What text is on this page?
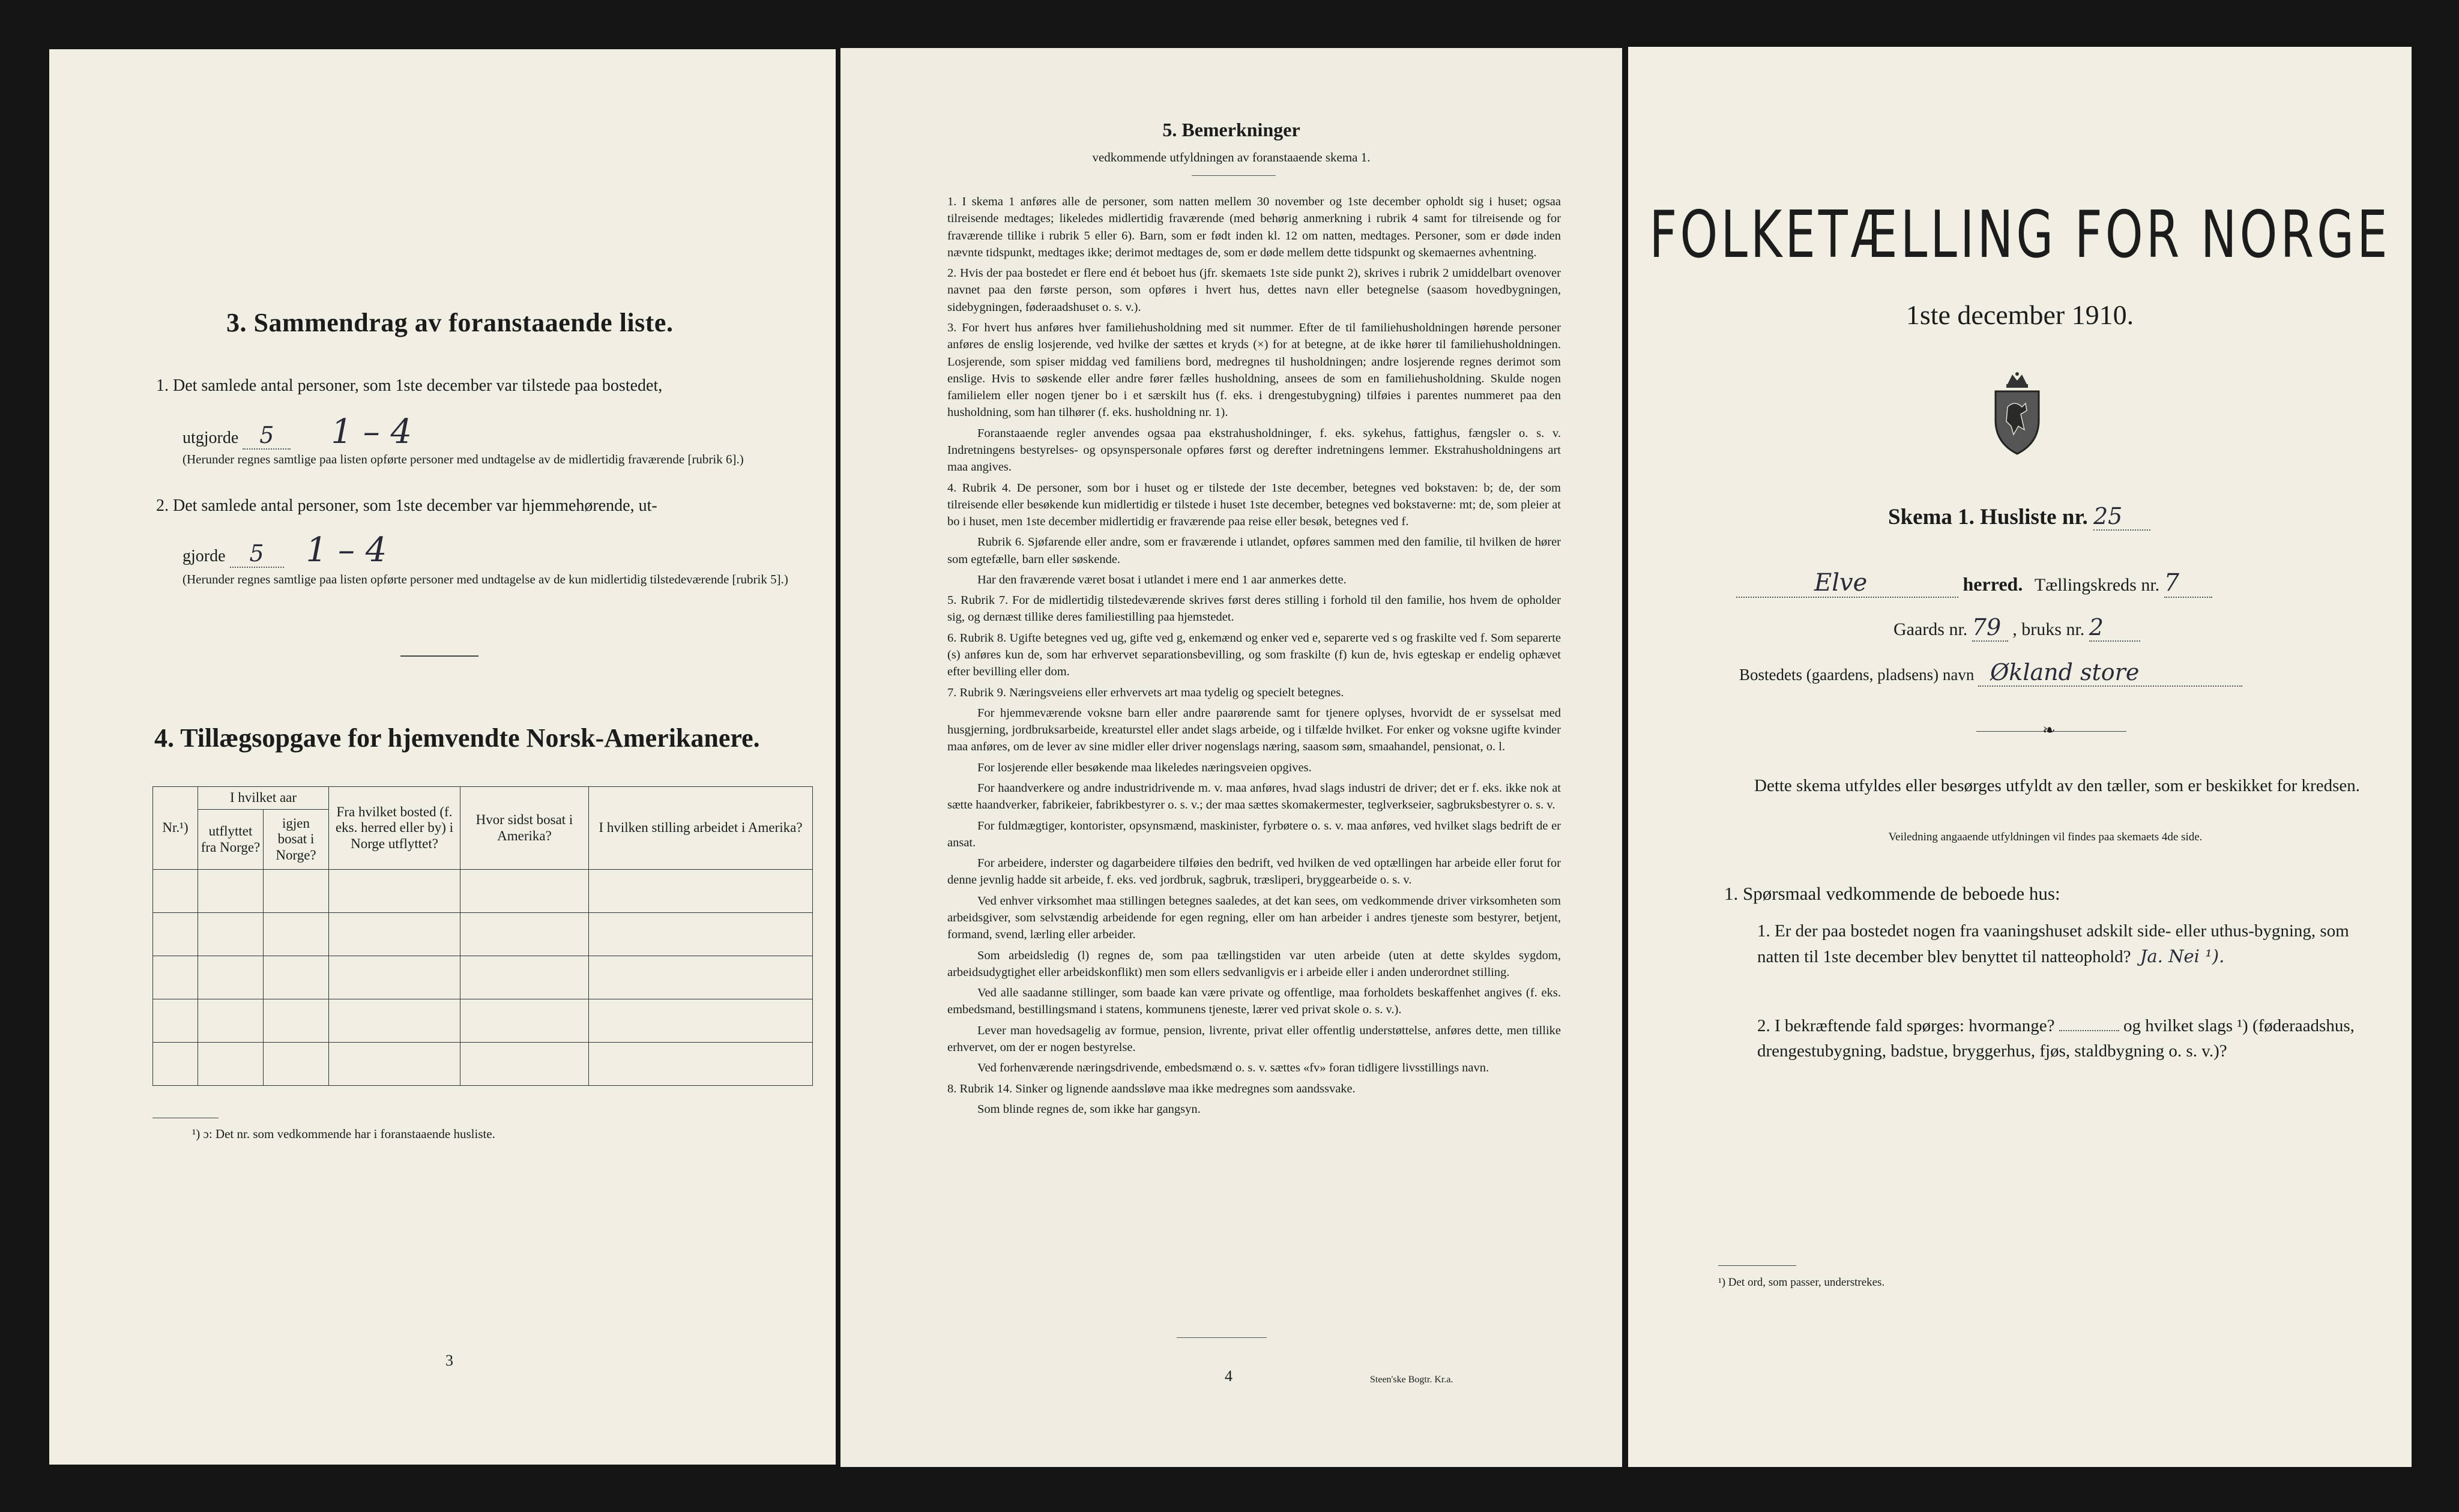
3. Sammendrag av foranstaaende liste.
1. Det samlede antal personer, som 1ste december var tilstede paa bostedet,
utgjorde 5 1 – 4
(Herunder regnes samtlige paa listen opførte personer med undtagelse av de midlertidig fraværende [rubrik 6].)
2. Det samlede antal personer, som 1ste december var hjemmehørende, ut-
gjorde 5 1 – 4
(Herunder regnes samtlige paa listen opførte personer med undtagelse av de kun midlertidig tilstedeværende [rubrik 5].)
4. Tillægsopgave for hjemvendte Norsk-Amerikanere.
Nr.¹)	I hvilket aar		Fra hvilket bosted (f. eks. herred eller by) i Norge utflyttet?	Hvor sidst bosat i Amerika?	I hvilken stilling arbeidet i Amerika?
	utflyttet fra Norge?	igjen bosat i Norge?			

¹) ɔ: Det nr. som vedkommende har i foranstaaende husliste.
3
5. Bemerkninger
vedkommende utfyldningen av foranstaaende skema 1.

1. I skema 1 anføres alle de personer, som natten mellem 30 november og 1ste december opholdt sig i huset; ogsaa tilreisende medtages; likeledes midlertidig fraværende (med behørig anmerkning i rubrik 4 samt for tilreisende og for fraværende tillike i rubrik 5 eller 6). Barn, som er født inden kl. 12 om natten, medtages. Personer, som er døde inden nævnte tidspunkt, medtages ikke; derimot medtages de, som er døde mellem dette tidspunkt og skemaernes avhentning.

2. Hvis der paa bostedet er flere end ét beboet hus (jfr. skemaets 1ste side punkt 2), skrives i rubrik 2 umiddelbart ovenover navnet paa den første person, som opføres i hvert hus, dettes navn eller betegnelse (saasom hovedbygningen, sidebygningen, føderaadshuset o. s. v.).

3. For hvert hus anføres hver familiehusholdning med sit nummer. Efter de til familiehusholdningen hørende personer anføres de enslig losjerende, ved hvilke der sættes et kryds (×) for at betegne, at de ikke hører til familiehusholdningen. Losjerende, som spiser middag ved familiens bord, medregnes til husholdningen; andre losjerende regnes derimot som enslige. Hvis to søskende eller andre fører fælles husholdning, ansees de som en familiehusholdning. Skulde nogen familielem eller nogen tjener bo i et særskilt hus (f. eks. i drengestubygning) tilføies i parentes nummeret paa den husholdning, som han tilhører (f. eks. husholdning nr. 1).

Foranstaaende regler anvendes ogsaa paa ekstrahusholdninger, f. eks. sykehus, fattighus, fængsler o. s. v. Indretningens bestyrelses- og opsynspersonale opføres først og derefter indretningens lemmer. Ekstrahusholdningens art maa angives.

4. Rubrik 4. De personer, som bor i huset og er tilstede der 1ste december, betegnes ved bokstaven: b; de, der som tilreisende eller besøkende kun midlertidig er tilstede i huset 1ste december, betegnes ved bokstaverne: mt; de, som pleier at bo i huset, men 1ste december midlertidig er fraværende paa reise eller besøk, betegnes ved f.

Rubrik 6. Sjøfarende eller andre, som er fraværende i utlandet, opføres sammen med den familie, til hvilken de hører som egtefælle, barn eller søskende.

Har den fraværende været bosat i utlandet i mere end 1 aar anmerkes dette.

5. Rubrik 7. For de midlertidig tilstedeværende skrives først deres stilling i forhold til den familie, hos hvem de opholder sig, og dernæst tillike deres familiestilling paa hjemstedet.

6. Rubrik 8. Ugifte betegnes ved ug, gifte ved g, enkemænd og enker ved e, separerte ved s og fraskilte ved f. Som separerte (s) anføres kun de, som har erhvervet separationsbevilling, og som fraskilte (f) kun de, hvis egteskap er endelig ophævet efter bevilling eller dom.

7. Rubrik 9. Næringsveiens eller erhvervets art maa tydelig og specielt betegnes.

For hjemmeværende voksne barn eller andre paarørende samt for tjenere oplyses, hvorvidt de er sysselsat med husgjerning, jordbruksarbeide, kreaturstel eller andet slags arbeide, og i tilfælde hvilket. For enker og voksne ugifte kvinder maa anføres, om de lever av sine midler eller driver nogenslags næring, saasom søm, smaahandel, pensionat, o. l.

For losjerende eller besøkende maa likeledes næringsveien opgives.

For haandverkere og andre industridrivende m. v. maa anføres, hvad slags industri de driver; det er f. eks. ikke nok at sætte haandverker, fabrikeier, fabrikbestyrer o. s. v.; der maa sættes skomakermester, teglverkseier, sagbruksbestyrer o. s. v.

For fuldmægtiger, kontorister, opsynsmænd, maskinister, fyrbøtere o. s. v. maa anføres, ved hvilket slags bedrift de er ansat.

For arbeidere, inderster og dagarbeidere tilføies den bedrift, ved hvilken de ved optællingen har arbeide eller forut for denne jevnlig hadde sit arbeide, f. eks. ved jordbruk, sagbruk, træsliperi, bryggearbeide o. s. v.

Ved enhver virksomhet maa stillingen betegnes saaledes, at det kan sees, om vedkommende driver virksomheten som arbeidsgiver, som selvstændig arbeidende for egen regning, eller om han arbeider i andres tjeneste som bestyrer, betjent, formand, svend, lærling eller arbeider.

Som arbeidsledig (l) regnes de, som paa tællingstiden var uten arbeide (uten at dette skyldes sygdom, arbeidsudygtighet eller arbeidskonflikt) men som ellers sedvanligvis er i arbeide eller i anden underordnet stilling.

Ved alle saadanne stillinger, som baade kan være private og offentlige, maa forholdets beskaffenhet angives (f. eks. embedsmand, bestillingsmand i statens, kommunens tjeneste, lærer ved privat skole o. s. v.).

Lever man hovedsagelig av formue, pension, livrente, privat eller offentlig understøttelse, anføres dette, men tillike erhvervet, om der er nogen bestyrelse.

Ved forhenværende næringsdrivende, embedsmænd o. s. v. sættes «fv» foran tidligere livsstillings navn.

8. Rubrik 14. Sinker og lignende aandssløve maa ikke medregnes som aandssvake.

Som blinde regnes de, som ikke har gangsyn.

4	Steen'ske Bogtr. Kr.a.
FOLKETÆLLING FOR NORGE
1ste december 1910.
Skema 1. Husliste nr. 25
Elve	herred. Tællingskreds nr. 7
Gaards nr. 79 , bruks nr. 2
Bostedets (gaardens, pladsens) navn Økland store
❧
Dette skema utfyldes eller besørges utfyldt av den tæller, som er beskikket for kredsen.
Veiledning angaaende utfyldningen vil findes paa skemaets 4de side.
1. Spørsmaal vedkommende de beboede hus:
1. Er der paa bostedet nogen fra vaaningshuset adskilt side- eller uthus-bygning, som natten til 1ste december blev benyttet til natteophold? Ja. Nei ¹).
2. I bekræftende fald spørges: hvormange?	og hvilket slags ¹) (føderaadshus, drengestubygning, badstue, bryggerhus, fjøs, staldbygning o. s. v.)?
¹) Det ord, som passer, understrekes.
